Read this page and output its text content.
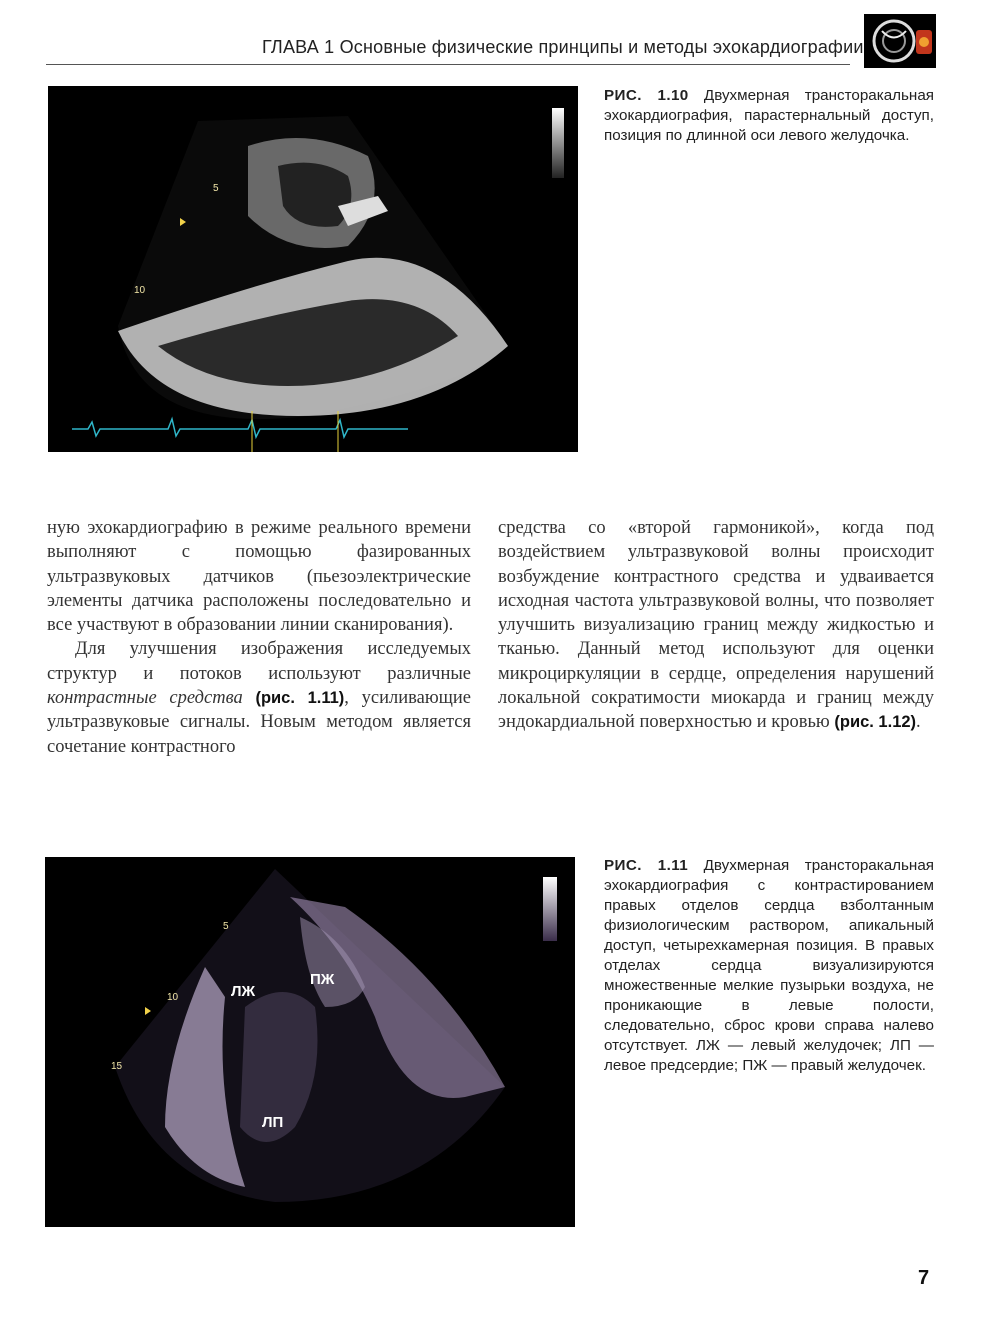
ГЛАВА 1 Основные физические принципы и методы эхокардиографии
5
10
РИС. 1.10 Двухмерная трансторакальная эхокардиография, парастернальный доступ, позиция по длинной оси левого желудочка.

ную эхокардиографию в режиме реального времени выполняют с помощью фазированных ультразвуковых датчиков (пьезоэлектрические элементы датчика расположены последовательно и все участвуют в образовании линии сканирования).

Для улучшения изображения исследуемых структур и потоков используют различные контрастные средства (рис. 1.11), усиливающие ультразвуковые сигналы. Новым методом является сочетание контрастного

средства со «второй гармоникой», когда под воздействием ультразвуковой волны происходит возбуждение контрастного средства и удваивается исходная частота ультразвуковой волны, что позволяет улучшить визуализацию границ между жидкостью и тканью. Данный метод используют для оценки микроциркуляции в сердце, определения нарушений локальной сократимости миокарда и границ между эндокардиальной поверхностью и кровью (рис. 1.12).

5
10
15
ЛЖ
ПЖ
ЛП
РИС. 1.11 Двухмерная трансторакальная эхокардиография с контрастированием правых отделов сердца взболтанным физиологическим раствором, апикальный доступ, четырехкамерная позиция. В правых отделах сердца визуализируются множественные мелкие пузырьки воздуха, не проникающие в левые полости, следовательно, сброс крови справа налево отсутствует. ЛЖ — левый желудочек; ЛП — левое предсердие; ПЖ — правый желудочек.
7
